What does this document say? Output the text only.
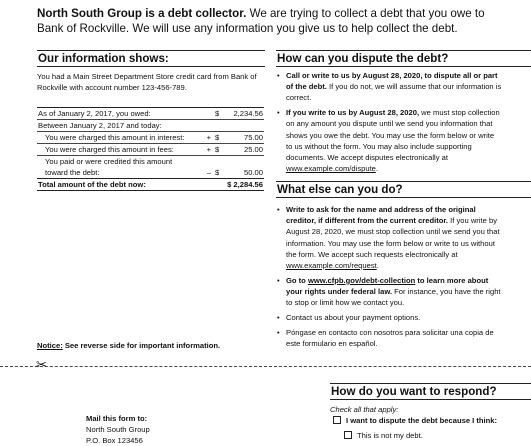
North South Group is a debt collector. We are trying to collect a debt that you owe to Bank of Rockville. We will use any information you give us to help collect the debt.
Our information shows:
You had a Main Street Department Store credit card from Bank of Rockville with account number 123-456-789.
As of January 2, 2017, you owed:		$	2,234.56
Between January 2, 2017 and today:			
You were charged this amount in interest:	+	$	75.00
You were charged this amount in fees:	+	$	25.00
You paid or were credited this amount
toward the debt:	–	$	50.00
Total amount of the debt now:	$ 2,284.56		
Notice: See reverse side for important information.
How can you dispute the debt?
• Call or write to us by August 28, 2020, to dispute all or part of the debt. If you do not, we will assume that our information is correct.
• If you write to us by August 28, 2020, we must stop collection on any amount you dispute until we send you information that shows you owe the debt. You may use the form below or write to us without the form. You may also include supporting documents. We accept disputes electronically at www.example.com/dispute.
What else can you do?
• Write to ask for the name and address of the original creditor, if different from the current creditor. If you write by August 28, 2020, we must stop collection until we send you that information. You may use the form below or write to us without the form. We accept such requests electronically at www.example.com/request.
• Go to www.cfpb.gov/debt-collection to learn more about your rights under federal law. For instance, you have the right to stop or limit how we contact you.
• Contact us about your payment options.
• Póngase en contacto con nosotros para solicitar una copia de este formulario en español.
✂
Mail this form to:
North South Group
P.O. Box 123456
How do you want to respond?
Check all that apply:
I want to dispute the debt because I think:
This is not my debt.
